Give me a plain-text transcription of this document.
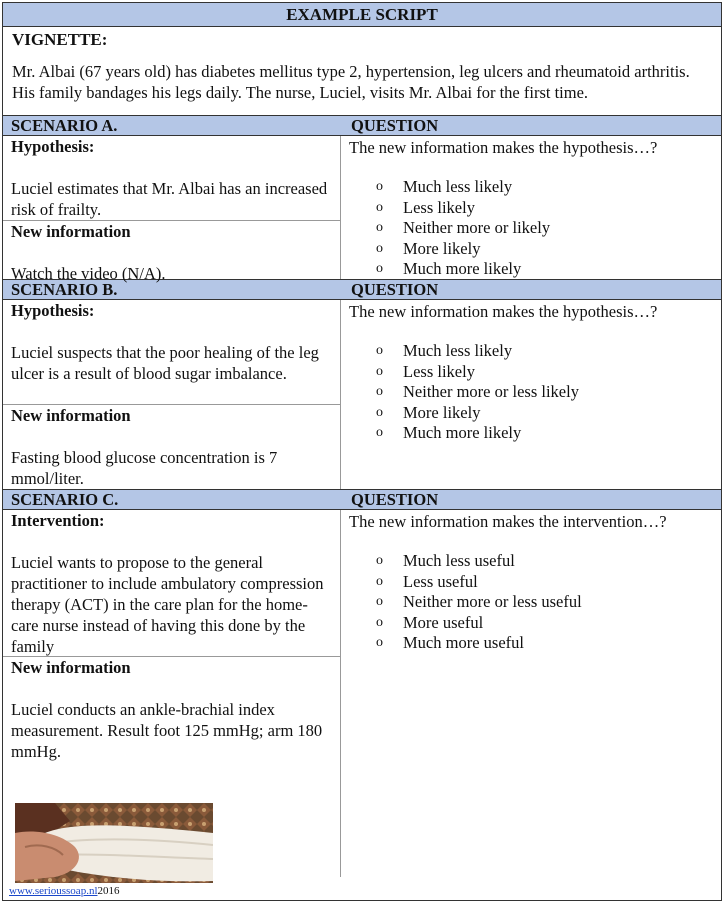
EXAMPLE SCRIPT
VIGNETTE:
Mr. Albai (67 years old) has diabetes mellitus type 2, hypertension, leg ulcers and rheumatoid arthritis. His family bandages his legs daily. The nurse, Luciel, visits Mr. Albai for the first time.
SCENARIO A.	QUESTION
Hypothesis:
Luciel estimates that Mr. Albai has an increased risk of frailty.
New information
Watch the video (N/A).
The new information makes the hypothesis…?
o	Much less likely
o	Less likely
o	Neither more or likely
o	More likely
o	Much more likely
SCENARIO B.	QUESTION
Hypothesis:
Luciel suspects that the poor healing of the leg ulcer is a result of blood sugar imbalance.
New information
Fasting blood glucose concentration is 7 mmol/liter.
The new information makes the hypothesis…?
o	Much less likely
o	Less likely
o	Neither more or less likely
o	More likely
o	Much more likely
SCENARIO C.	QUESTION
Intervention:
Luciel wants to propose to the general practitioner to include ambulatory compression therapy (ACT) in the care plan for the home-care nurse instead of having this done by the family
New information
Luciel conducts an ankle-brachial index measurement. Result foot 125 mmHg; arm 180 mmHg.
The new information makes the intervention…?
o	Much less useful
o	Less useful
o	Neither more or less useful
o	More useful
o	Much more useful
www.serioussoap.nl2016
